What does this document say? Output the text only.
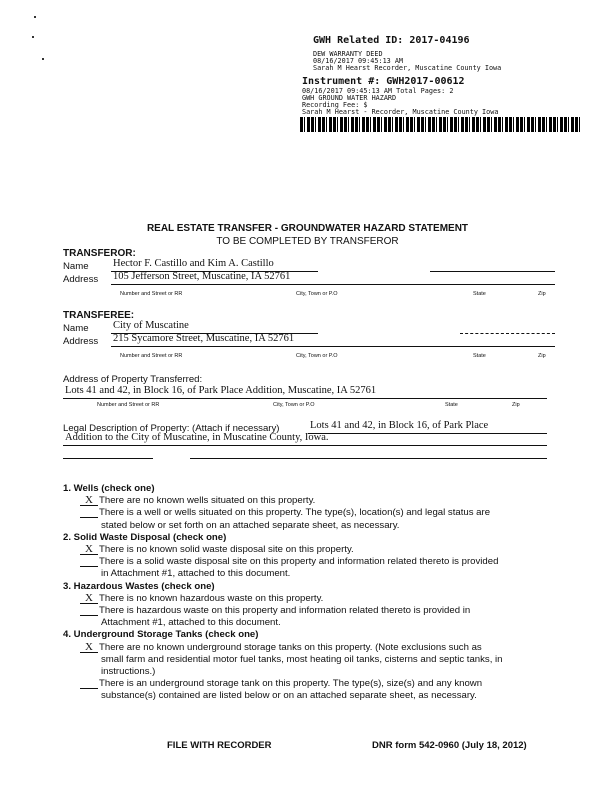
GWH Related ID: 2017-04196
DEW WARRANTY DEED
08/16/2017 09:45:13 AM
Sarah M Hearst Recorder, Muscatine County Iowa
Instrument #: GWH2017-00612
08/16/2017 09:45:13 AM Total Pages: 2
GWH GROUND WATER HAZARD
Recording Fee: $
Sarah M Hearst - Recorder, Muscatine County Iowa
REAL ESTATE TRANSFER - GROUNDWATER HAZARD STATEMENT
TO BE COMPLETED BY TRANSFEROR
TRANSFEROR:
Name Hector F. Castillo and Kim A. Castillo
Address 105 Jefferson Street, Muscatine, IA 52761
Number and Street or RR	City, Town or P.O	State	Zip
TRANSFEREE:
Name City of Muscatine
Address 215 Sycamore Street, Muscatine, IA 52761
Number and Street or RR	City, Town or P.O	State	Zip
Address of Property Transferred:
Lots 41 and 42, in Block 16, of Park Place Addition, Muscatine, IA 52761
Number and Street or RR	City, Town or P.O	State	Zip
Legal Description of Property: (Attach if necessary)	Lots 41 and 42, in Block 16, of Park Place
Addition to the City of Muscatine, in Muscatine County, Iowa.
1. Wells (check one)
X There are no known wells situated on this property.
There is a well or wells situated on this property. The type(s), location(s) and legal status are
stated below or set forth on an attached separate sheet, as necessary.
2. Solid Waste Disposal (check one)
X There is no known solid waste disposal site on this property.
There is a solid waste disposal site on this property and information related thereto is provided
in Attachment #1, attached to this document.
3. Hazardous Wastes (check one)
X There is no known hazardous waste on this property.
There is hazardous waste on this property and information related thereto is provided in
Attachment #1, attached to this document.
4. Underground Storage Tanks (check one)
X There are no known underground storage tanks on this property. (Note exclusions such as
small farm and residential motor fuel tanks, most heating oil tanks, cisterns and septic tanks, in
instructions.)
There is an underground storage tank on this property. The type(s), size(s) and any known
substance(s) contained are listed below or on an attached separate sheet, as necessary.
FILE WITH RECORDER	DNR form 542-0960 (July 18, 2012)
